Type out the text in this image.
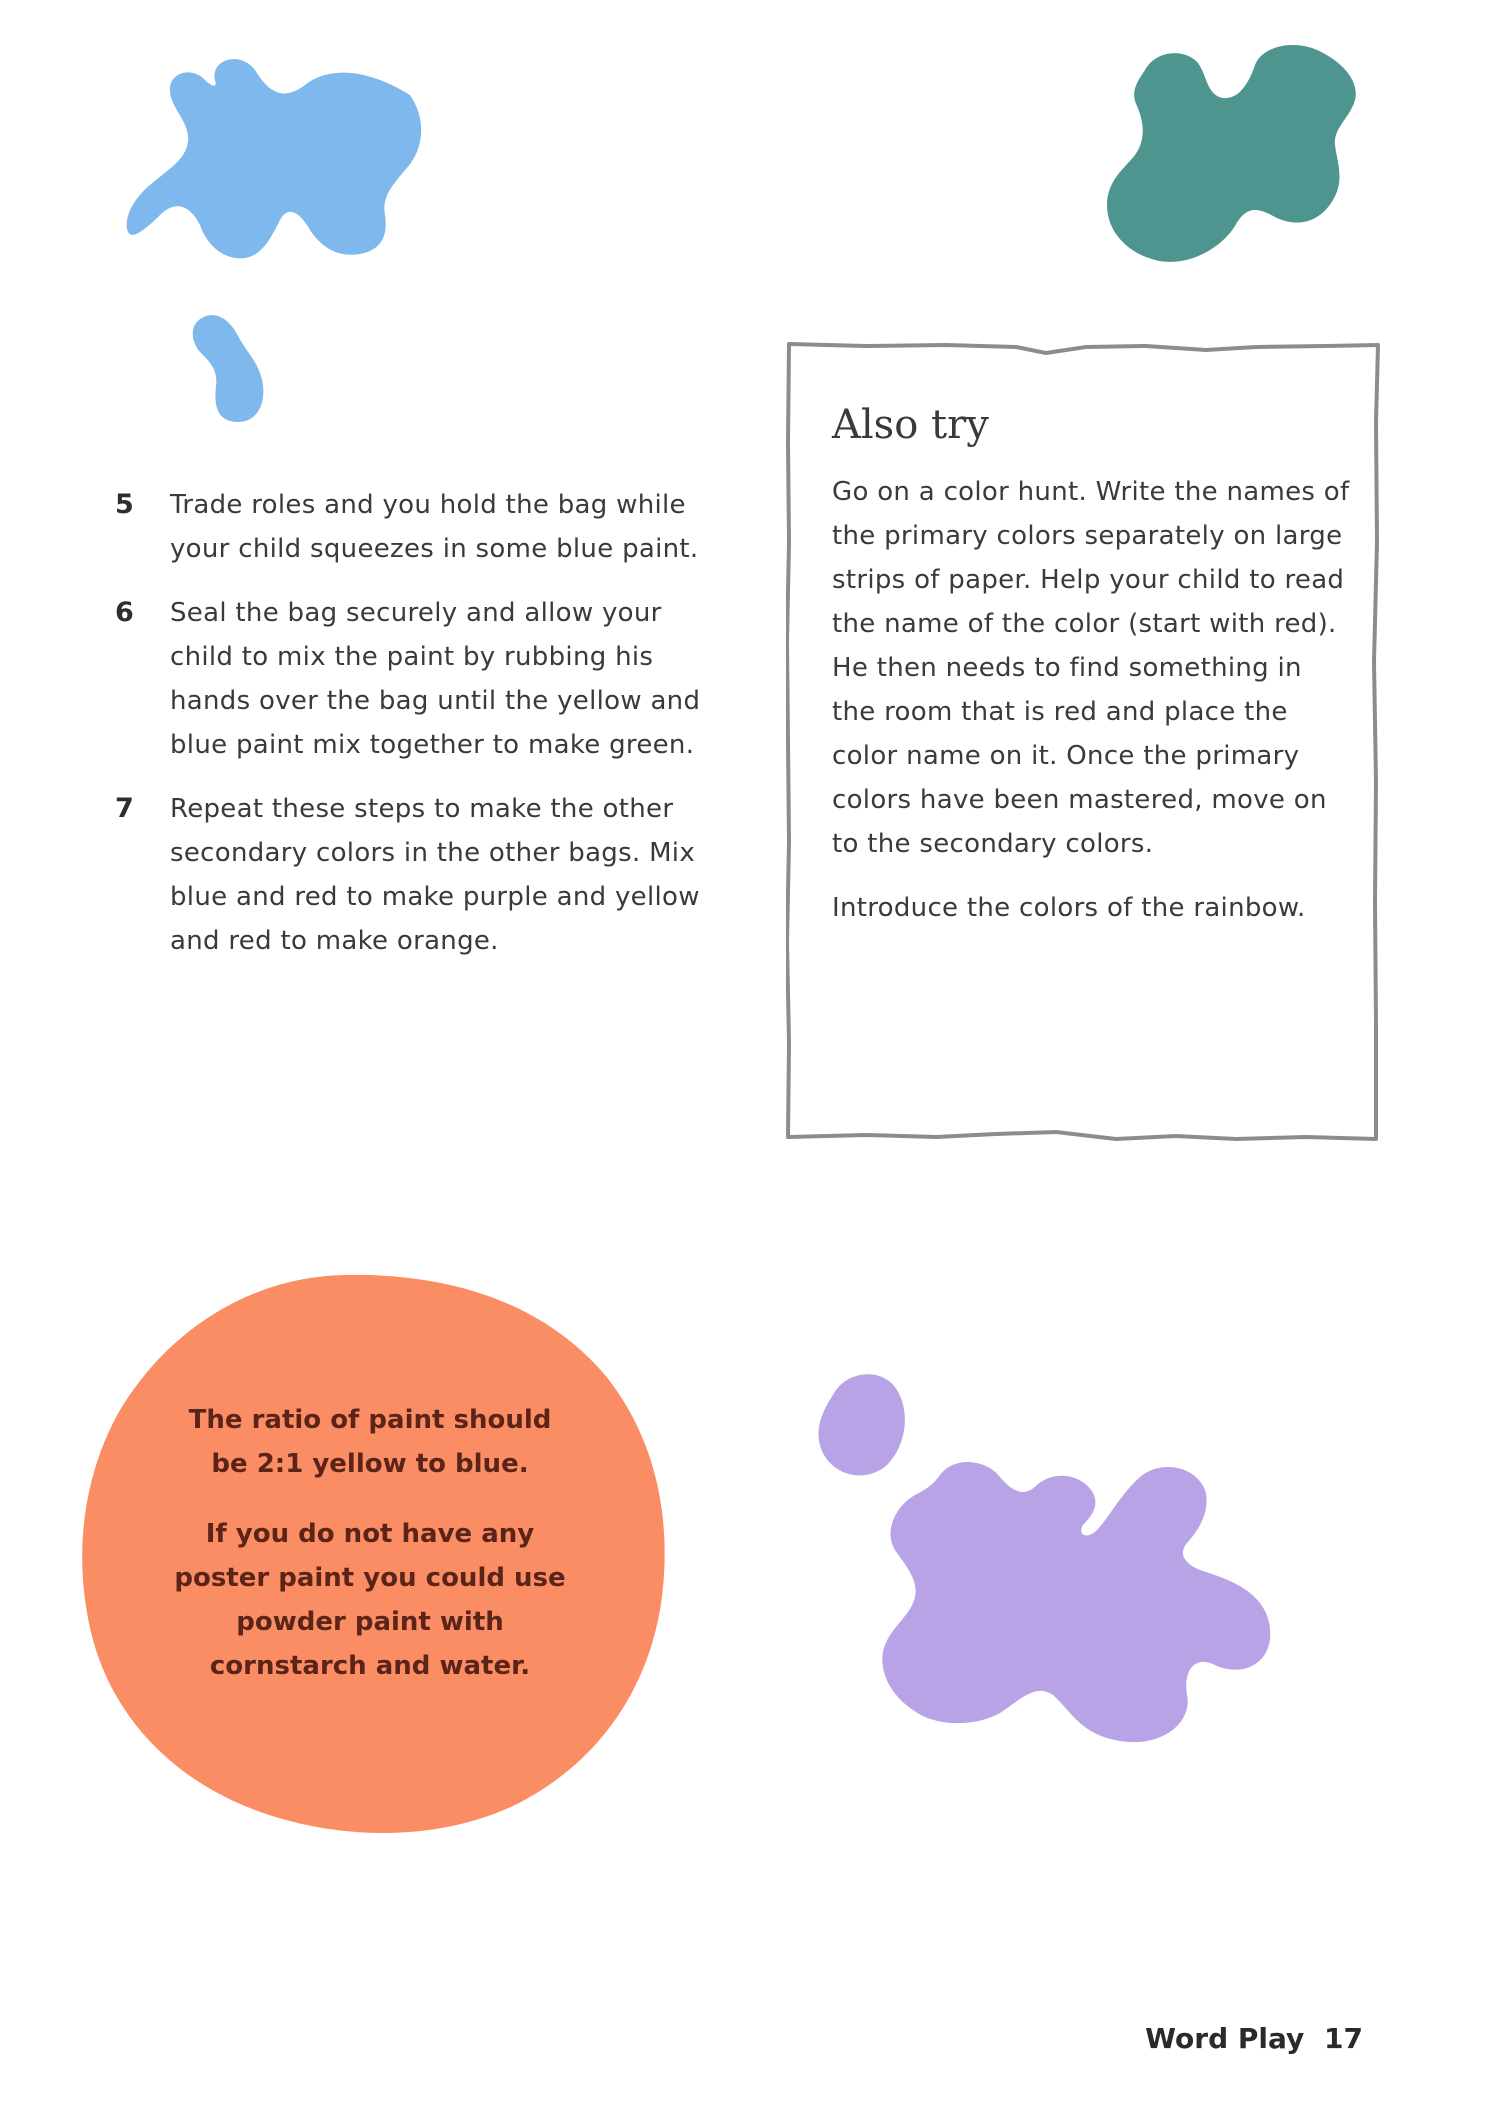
5	Trade roles and you hold the bag while your child squeezes in some blue paint.
6	Seal the bag securely and allow your child to mix the paint by rubbing his hands over the bag until the yellow and blue paint mix together to make green.
7	Repeat these steps to make the other secondary colors in the other bags. Mix blue and red to make purple and yellow and red to make orange.
Also try

Go on a color hunt. Write the names of the primary colors separately on large strips of paper. Help your child to read the name of the color (start with red). He then needs to find something in the room that is red and place the color name on it. Once the primary colors have been mastered, move on to the secondary colors.

Introduce the colors of the rainbow.

The ratio of paint should be 2:1 yellow to blue.

If you do not have any poster paint you could use powder paint with cornstarch and water.

Word Play 17
